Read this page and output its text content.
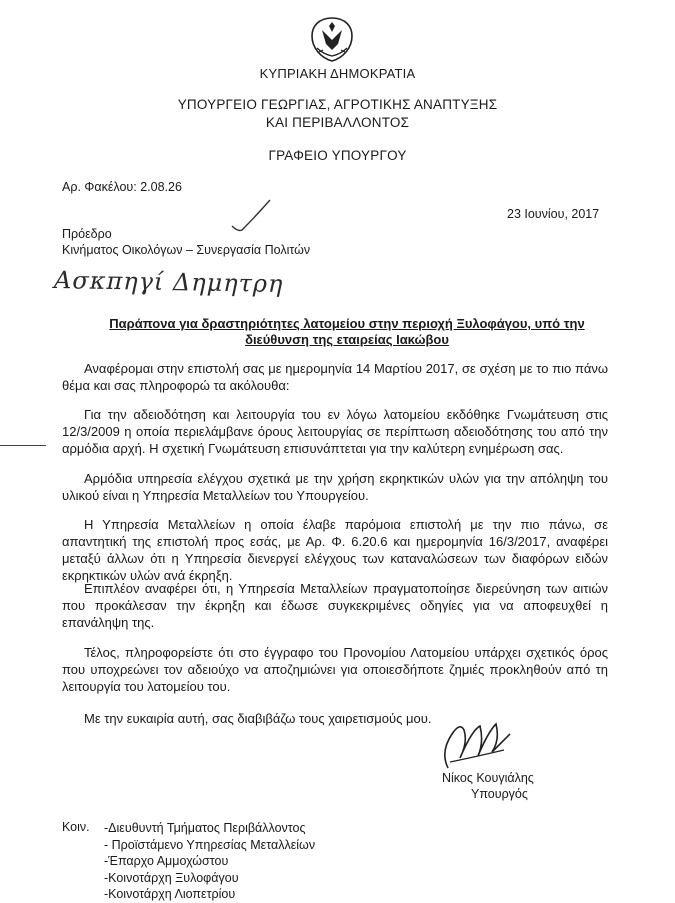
ΚΥΠΡΙΑΚΗ ΔΗΜΟΚΡΑΤΙΑ
ΥΠΟΥΡΓΕΙΟ ΓΕΩΡΓΙΑΣ, ΑΓΡΟΤΙΚΗΣ ΑΝΑΠΤΥΞΗΣ
ΚΑΙ ΠΕΡΙΒΑΛΛΟΝΤΟΣ
ΓΡΑΦΕΙΟ ΥΠΟΥΡΓΟΥ
Αρ. Φακέλου: 2.08.26
23 Ιουνίου, 2017
Πρόεδρο
Κινήματος Οικολόγων – Συνεργασία Πολιτών
Ασκπηγί Δημητρη
Παράπονα για δραστηριότητες λατομείου στην περιοχή Ξυλοφάγου, υπό την
διεύθυνση της εταιρείας Ιακώβου
Αναφέρομαι στην επιστολή σας με ημερομηνία 14 Μαρτίου 2017, σε σχέση με το πιο πάνω θέμα και σας πληροφορώ τα ακόλουθα:
Για την αδειοδότηση και λειτουργία του εν λόγω λατομείου εκδόθηκε Γνωμάτευση στις 12/3/2009 η οποία περιελάμβανε όρους λειτουργίας σε περίπτωση αδειοδότησης του από την αρμόδια αρχή. Η σχετική Γνωμάτευση επισυνάπτεται για την καλύτερη ενημέρωση σας.
Αρμόδια υπηρεσία ελέγχου σχετικά με την χρήση εκρηκτικών υλών για την απόληψη του υλικού είναι η Υπηρεσία Μεταλλείων του Υπουργείου.
Η Υπηρεσία Μεταλλείων η οποία έλαβε παρόμοια επιστολή με την πιο πάνω, σε απαντητική της επιστολή προς εσάς, με Αρ. Φ. 6.20.6 και ημερομηνία 16/3/2017, αναφέρει μεταξύ άλλων ότι η Υπηρεσία διενεργεί ελέγχους των καταναλώσεων των διαφόρων ειδών εκρηκτικών υλών ανά έκρηξη.
Επιπλέον αναφέρει ότι, η Υπηρεσία Μεταλλείων πραγματοποίησε διερεύνηση των αιτιών που προκάλεσαν την έκρηξη και έδωσε συγκεκριμένες οδηγίες για να αποφευχθεί η επανάληψη της.
Τέλος, πληροφορείστε ότι στο έγγραφο του Προνομίου Λατομείου υπάρχει σχετικός όρος που υποχρεώνει τον αδειούχο να αποζημιώνει για οποιεσδήποτε ζημιές προκληθούν από τη λειτουργία του λατομείου του.
Με την ευκαιρία αυτή, σας διαβιβάζω τους χαιρετισμούς μου.
Νίκος Κουγιάλης
Υπουργός
Κοιν. -Διευθυντή Τμήματος Περιβάλλοντος
- Προϊστάμενο Υπηρεσίας Μεταλλείων
-Έπαρχο Αμμοχώστου
-Κοινοτάρχη Ξυλοφάγου
-Κοινοτάρχη Λιοπετρίου
